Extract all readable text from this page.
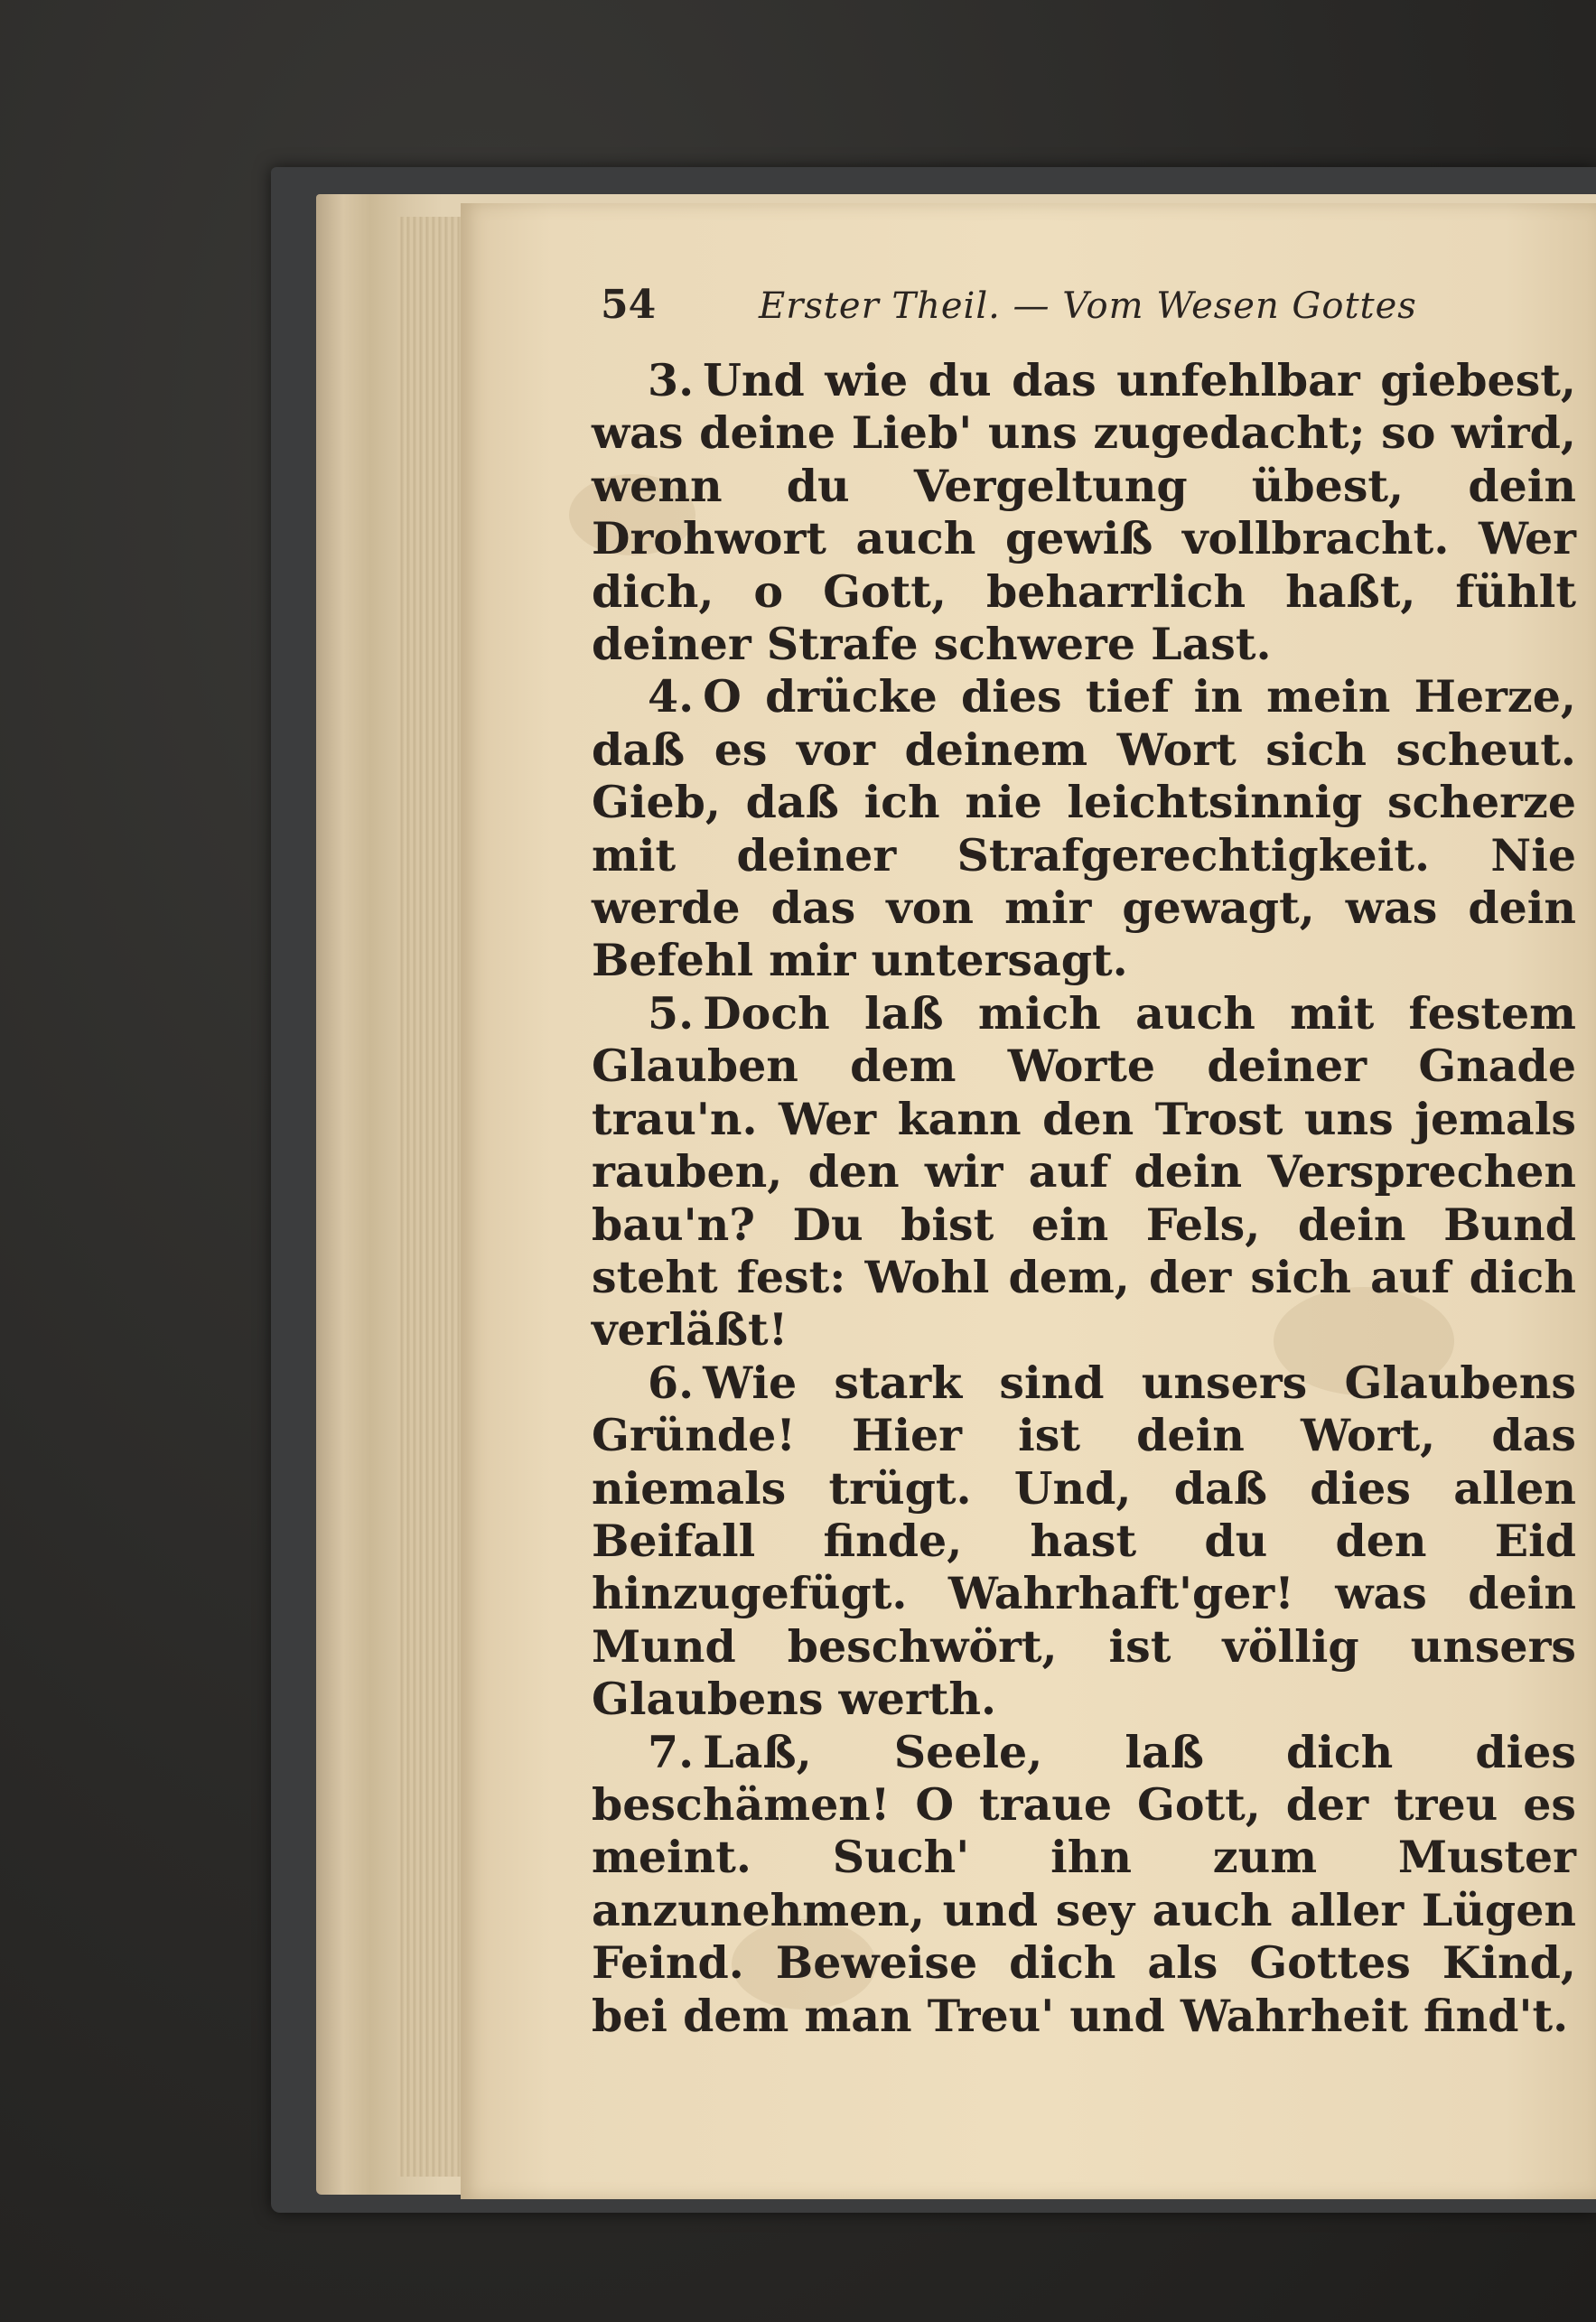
54	Erster Theil. — Vom Wesen Gottes
3. Und wie du das unfehlbar giebest, was deine Lieb' uns zugedacht; so wird, wenn du Vergeltung übest, dein Drohwort auch gewiß vollbracht. Wer dich, o Gott, beharrlich haßt, fühlt deiner Strafe schwere Last.
4. O drücke dies tief in mein Herze, daß es vor deinem Wort sich scheut. Gieb, daß ich nie leichtsinnig scherze mit deiner Strafgerechtigkeit. Nie werde das von mir gewagt, was dein Befehl mir untersagt.
5. Doch laß mich auch mit festem Glauben dem Worte deiner Gnade trau'n. Wer kann den Trost uns jemals rauben, den wir auf dein Versprechen bau'n? Du bist ein Fels, dein Bund steht fest: Wohl dem, der sich auf dich verläßt!
6. Wie stark sind unsers Glaubens Gründe! Hier ist dein Wort, das niemals trügt. Und, daß dies allen Beifall finde, hast du den Eid hinzugefügt. Wahrhaft'ger! was dein Mund beschwört, ist völlig unsers Glaubens werth.
7. Laß, Seele, laß dich dies beschämen! O traue Gott, der treu es meint. Such' ihn zum Muster anzunehmen, und sey auch aller Lügen Feind. Beweise dich als Gottes Kind, bei dem man Treu' und Wahrheit find't.
